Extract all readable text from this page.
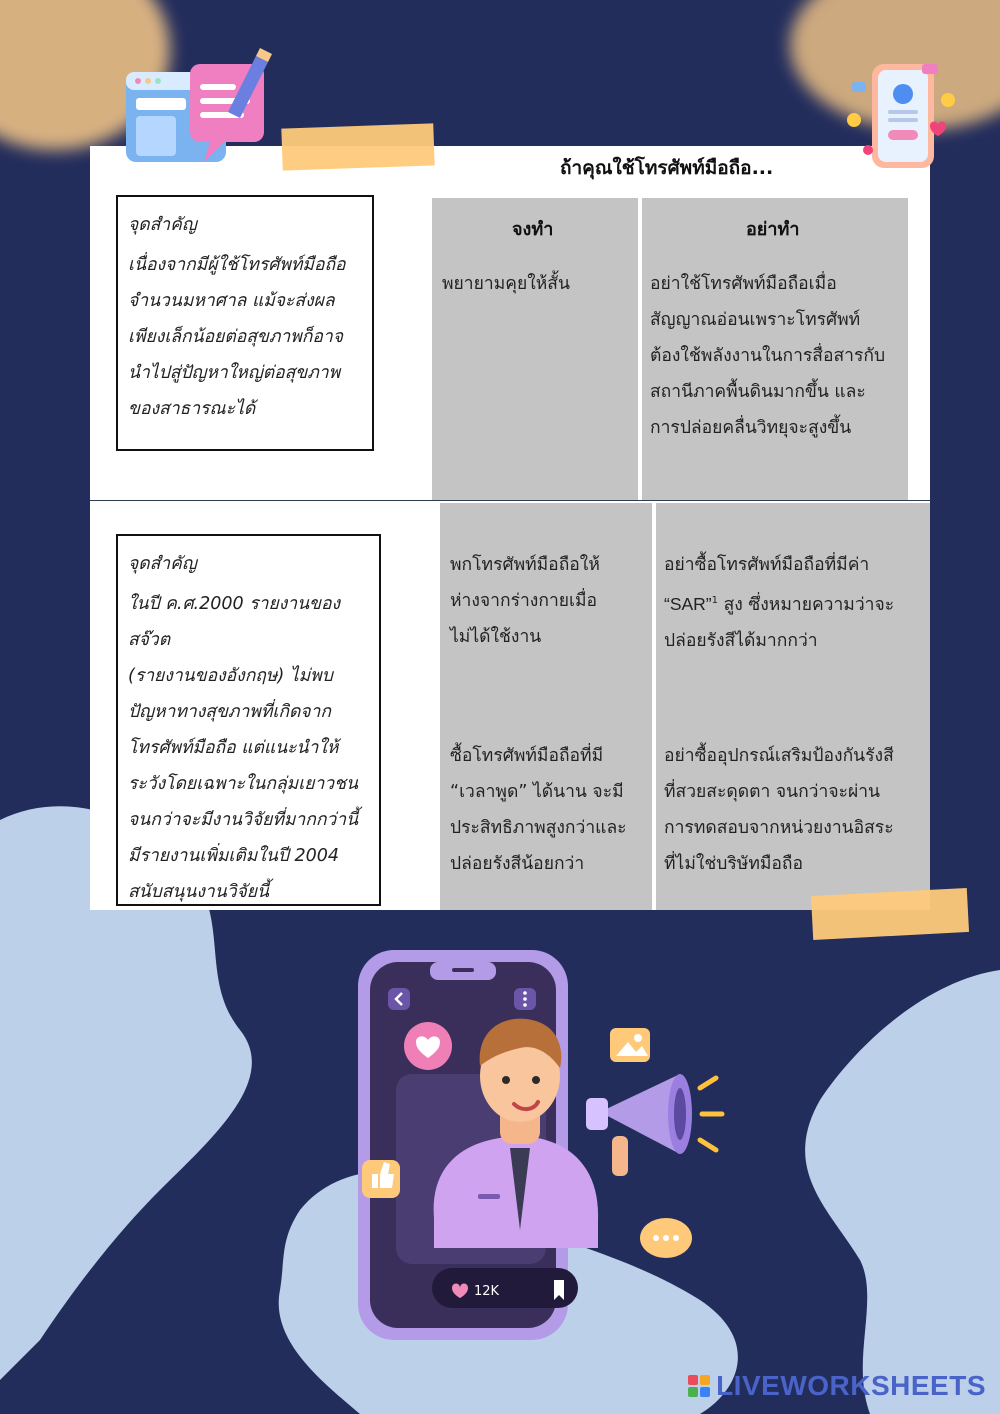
ถ้าคุณใช้โทรศัพท์มือถือ...
จงทำ	อย่าทำ
จุดสำคัญ
เนื่องจากมีผู้ใช้โทรศัพท์มือถือ
จำนวนมหาศาล แม้จะส่งผล
เพียงเล็กน้อยต่อสุขภาพก็อาจ
นำไปสู่ปัญหาใหญ่ต่อสุขภาพ
ของสาธารณะได้
จุดสำคัญ
ในปี ค.ศ.2000 รายงานของสจ๊วต
(รายงานของอังกฤษ) ไม่พบ
ปัญหาทางสุขภาพที่เกิดจาก
โทรศัพท์มือถือ แต่แนะนำให้
ระวังโดยเฉพาะในกลุ่มเยาวชน
จนกว่าจะมีงานวิจัยที่มากกว่านี้
มีรายงานเพิ่มเติมในปี 2004
สนับสนุนงานวิจัยนี้
พยายามคุยให้สั้น	อย่าใช้โทรศัพท์มือถือเมื่อ
สัญญาณอ่อนเพราะโทรศัพท์
ต้องใช้พลังงานในการสื่อสารกับ
สถานีภาคพื้นดินมากขึ้น และ
การปล่อยคลื่นวิทยุจะสูงขึ้น
พกโทรศัพท์มือถือให้
ห่างจากร่างกายเมื่อ
ไม่ได้ใช้งาน
อย่าซื้อโทรศัพท์มือถือที่มีค่า
“SAR”$^1$ สูง ซึ่งหมายความว่าจะ
ปล่อยรังสีได้มากกว่า
ซื้อโทรศัพท์มือถือที่มี
“เวลาพูด” ได้นาน จะมี
ประสิทธิภาพสูงกว่าและ
ปล่อยรังสีน้อยกว่า
อย่าซื้ออุปกรณ์เสริมป้องกันรังสี
ที่สวยสะดุดตา จนกว่าจะผ่าน
การทดสอบจากหน่วยงานอิสระ
ที่ไม่ใช่บริษัทมือถือ
12K
LIVEWORKSHEETS
